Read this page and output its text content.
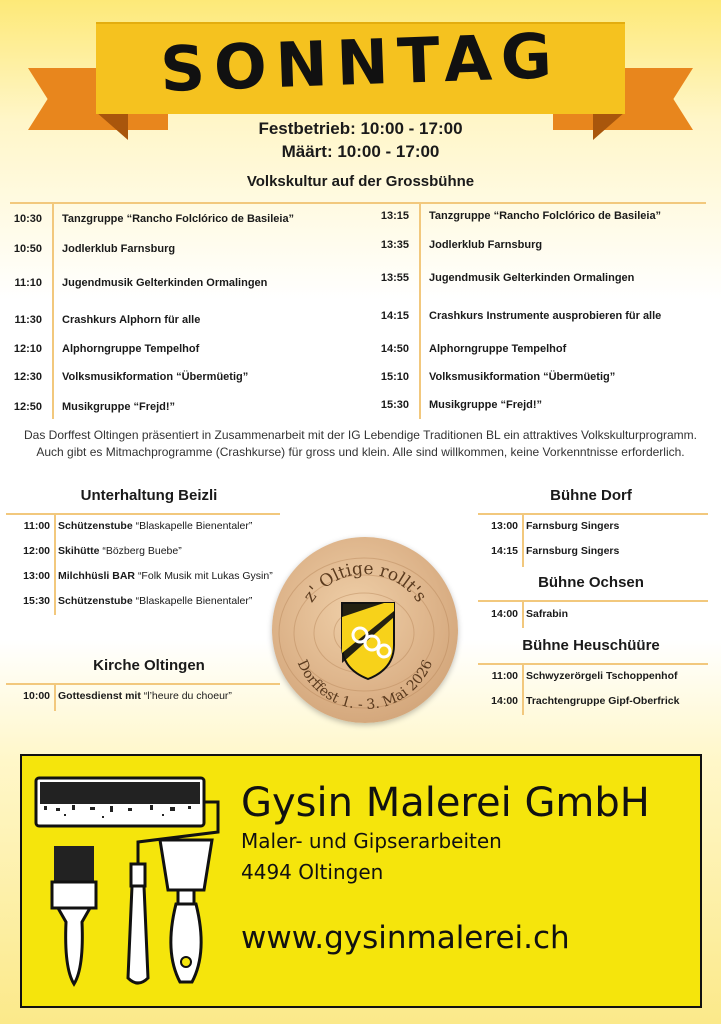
SONNTAG
Festbetrieb: 10:00 - 17:00
Määrt: 10:00 - 17:00
Volkskultur auf der Grossbühne
10:30	Tanzgruppe “Rancho Folclórico de Basileia”
10:50	Jodlerklub Farnsburg
11:10	Jugendmusik Gelterkinden Ormalingen
11:30	Crashkurs Alphorn für alle
12:10	Alphorngruppe Tempelhof
12:30	Volksmusikformation “Übermüetig”
12:50	Musikgruppe “Frejd!”
13:15	Tanzgruppe “Rancho Folclórico de Basileia”
13:35	Jodlerklub Farnsburg
13:55	Jugendmusik Gelterkinden Ormalingen
14:15	Crashkurs Instrumente ausprobieren für alle
14:50	Alphorngruppe Tempelhof
15:10	Volksmusikformation “Übermüetig”
15:30	Musikgruppe “Frejd!”
Das Dorffest Oltingen präsentiert in Zusammenarbeit mit der IG Lebendige Traditionen BL ein attraktives Volkskulturprogramm. Auch gibt es Mitmachprogramme (Crashkurse) für gross und klein. Alle sind willkommen, keine Vorkenntnisse erforderlich.
Unterhaltung Beizli
11:00 Schützenstube “Blaskapelle Bienentaler”
12:00 Skihütte “Bözberg Buebe”
13:00 Milchhüsli BAR “Folk Musik mit Lukas Gysin”
15:30 Schützenstube “Blaskapelle Bienentaler”
Kirche Oltingen
10:00 Gottesdienst mit “l’heure du choeur”
Bühne Dorf
13:00 Farnsburg Singers
14:15 Farnsburg Singers
Bühne Ochsen
14:00 Safrabin
Bühne Heuschüüre
11:00 Schwyzerörgeli Tschoppenhof
14:00 Trachtengruppe Gipf-Oberfrick
z' Oltige rollt's
Dorffest 1. - 3. Mai 2026
Gysin Malerei GmbH
Maler- und Gipserarbeiten
4494 Oltingen
www.gysinmalerei.ch
